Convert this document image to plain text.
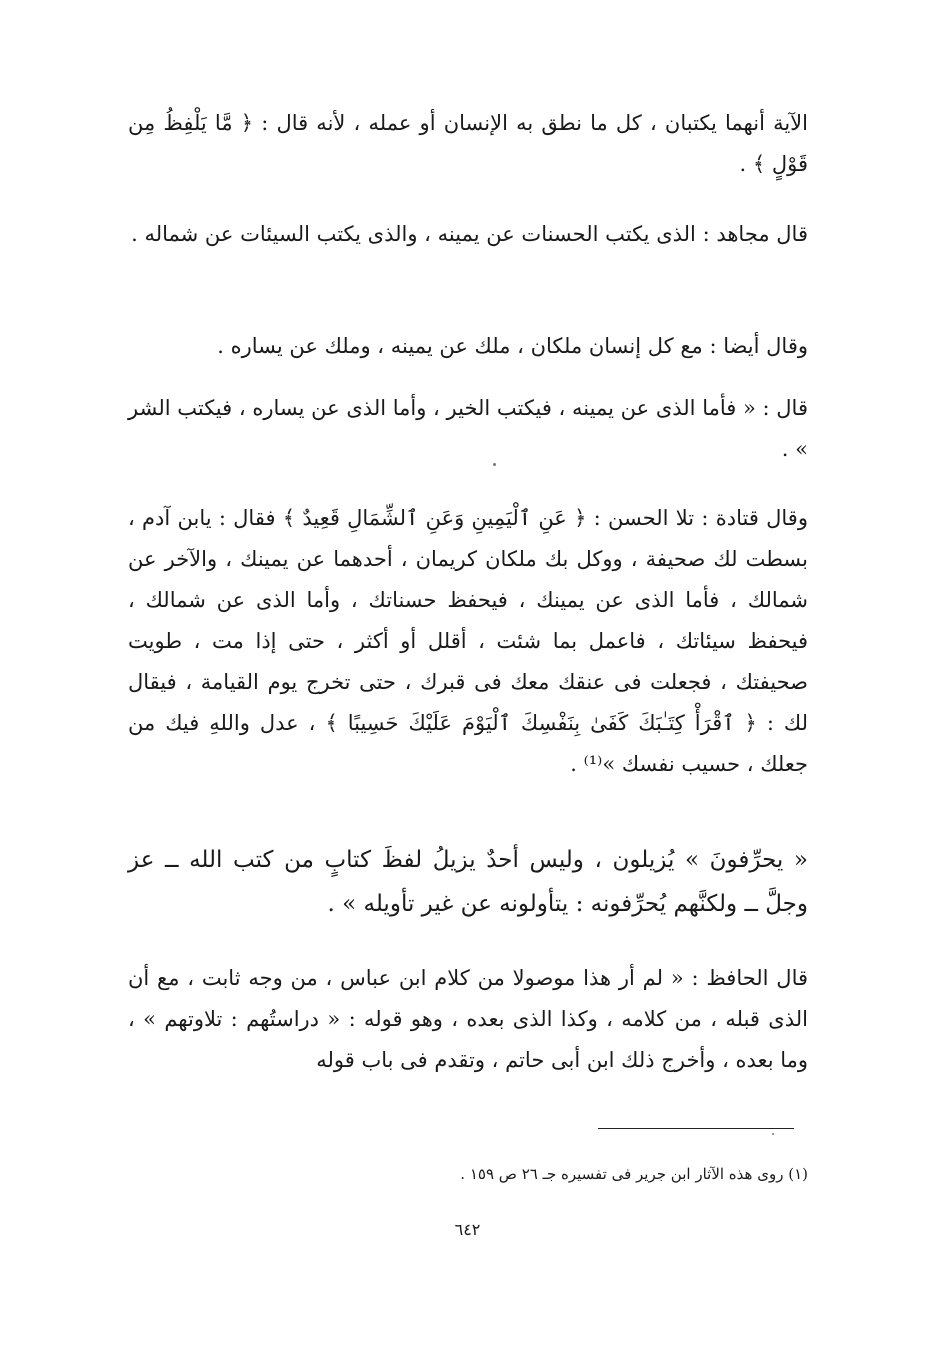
الآية أنهما يكتبان ، كل ما نطق به الإنسان أو عمله ، لأنه قال : ﴿ مَّا يَلْفِظُ مِن قَوْلٍ ﴾ .

قال مجاهد : الذى يكتب الحسنات عن يمينه ، والذى يكتب السيئات عن شماله .

وقال أيضا : مع كل إنسان ملكان ، ملك عن يمينه ، وملك عن يساره .

قال : « فأما الذى عن يمينه ، فيكتب الخير ، وأما الذى عن يساره ، فيكتب الشر » .

وقال قتادة : تلا الحسن : ﴿ عَنِ ٱلْيَمِينِ وَعَنِ ٱلشِّمَالِ قَعِيدٌ ﴾ فقال : يابن آدم ، بسطت لك صحيفة ، ووكل بك ملكان كريمان ، أحدهما عن يمينك ، والآخر عن شمالك ، فأما الذى عن يمينك ، فيحفظ حسناتك ، وأما الذى عن شمالك ، فيحفظ سيئاتك ، فاعمل بما شئت ، أقلل أو أكثر ، حتى إذا مت ، طويت صحيفتك ، فجعلت فى عنقك معك فى قبرك ، حتى تخرج يوم القيامة ، فيقال لك : ﴿ ٱقْرَأْ كِتَـٰبَكَ كَفَىٰ بِنَفْسِكَ ٱلْيَوْمَ عَلَيْكَ حَسِيبًا ﴾ ، عدل واللهِ فيك من جعلك ، حسيب نفسك »⁽¹⁾ .

« يحرِّفونَ » يُزيلون ، وليس أحدٌ يزيلُ لفظَ كتابٍ من كتب الله ــ عز وجلَّ ــ ولكنَّهم يُحرِّفونه : يتأولونه عن غير تأويله » .

قال الحافظ : « لم أر هذا موصولا من كلام ابن عباس ، من وجه ثابت ، مع أن الذى قبله ، من كلامه ، وكذا الذى بعده ، وهو قوله : « دراستُهم : تلاوتهم » ، وما بعده ، وأخرج ذلك ابن أبى حاتم ، وتقدم فى باب قوله

(١) روى هذه الآثار ابن جرير فى تفسيره جـ ٢٦ ص ١٥٩ .

٦٤٢
